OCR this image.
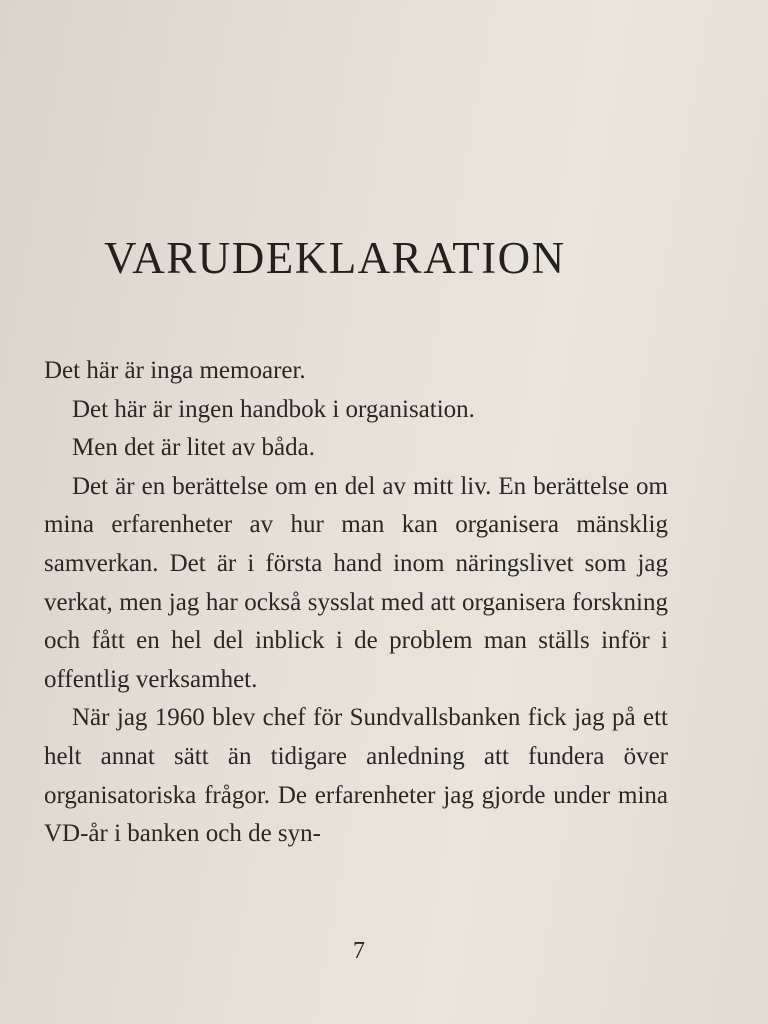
VARUDEKLARATION

Det här är inga memoarer.

Det här är ingen handbok i organisation.

Men det är litet av båda.

Det är en berättelse om en del av mitt liv. En berättelse om mina erfarenheter av hur man kan organisera mänsklig samverkan. Det är i första hand inom näringslivet som jag verkat, men jag har också sysslat med att organisera forskning och fått en hel del inblick i de problem man ställs inför i offentlig verksamhet.

När jag 1960 blev chef för Sundvallsbanken fick jag på ett helt annat sätt än tidigare anledning att fundera över organisatoriska frågor. De erfarenheter jag gjorde under mina VD-år i banken och de syn-

7
